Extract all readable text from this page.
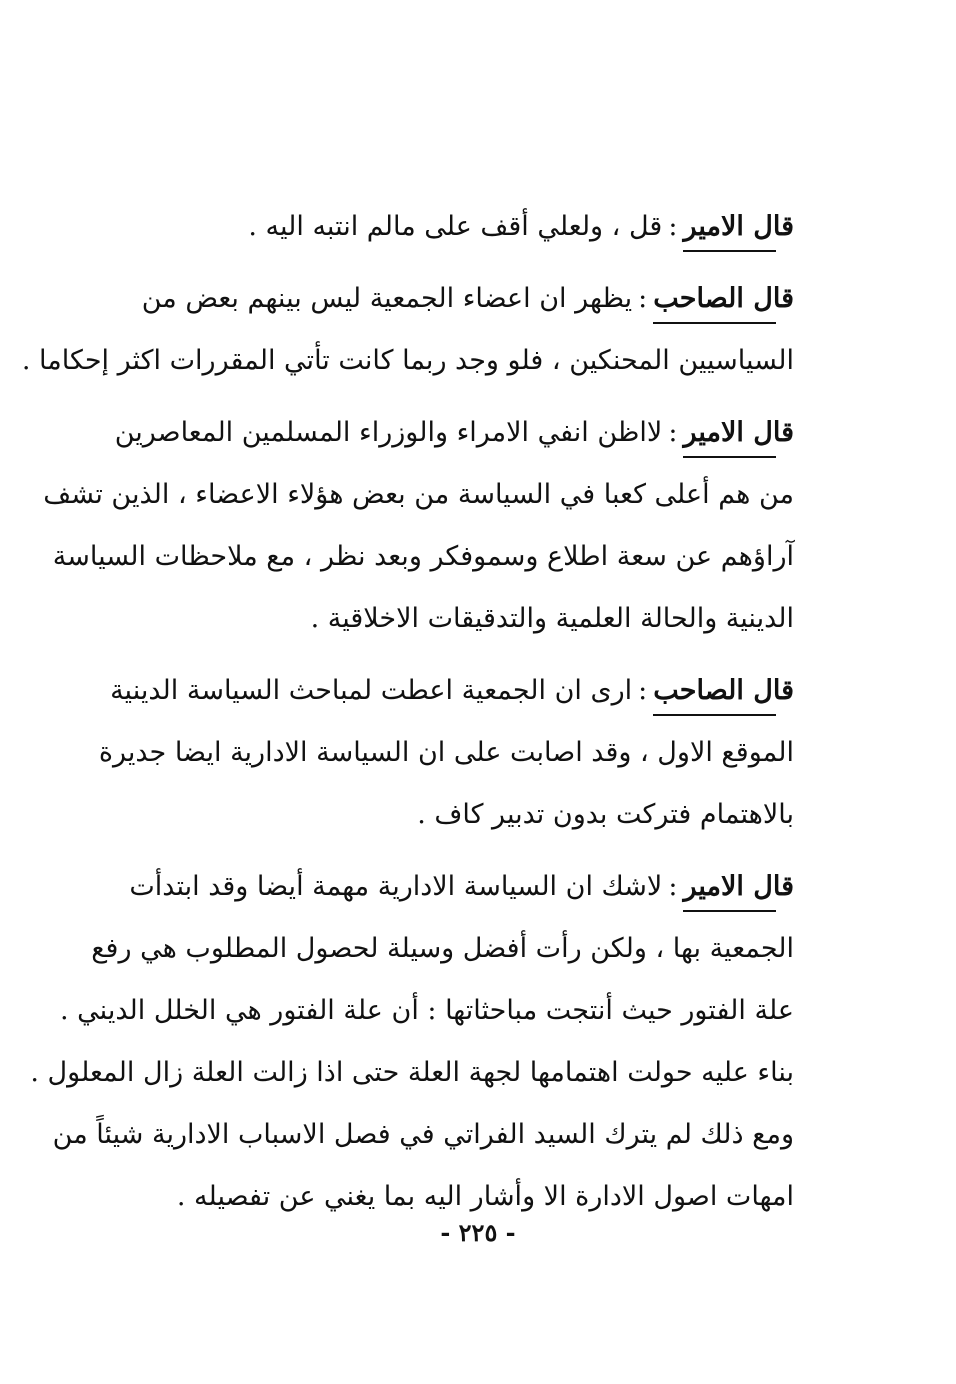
قال الامير:قل ، ولعلي أقف على مالم انتبه اليه .
قال الصاحب:يظهر ان اعضاء الجمعية ليس بينهم بعض من
السياسيين المحنكين ، فلو وجد ربما كانت تأتي المقررات اكثر إحكاما .
قال الامير:لااظن انفي الامراء والوزراء المسلمين المعاصرين
من هم أعلى كعبا في السياسة من بعض هؤلاء الاعضاء ، الذين تشف
آراؤهم عن سعة اطلاع وسموفكر وبعد نظر ، مع ملاحظات السياسة
الدينية والحالة العلمية والتدقيقات الاخلاقية .
قال الصاحب:ارى ان الجمعية اعطت لمباحث السياسة الدينية
الموقع الاول ، وقد اصابت على ان السياسة الادارية ايضا جديرة
بالاهتمام فتركت بدون تدبير كاف .
قال الامير:لاشك ان السياسة الادارية مهمة أيضا وقد ابتدأت
الجمعية بها ، ولكن رأت أفضل وسيلة لحصول المطلوب هي رفع
علة الفتور حيث أنتجت مباحثاتها : أن علة الفتور هي الخلل الديني .
بناء عليه حولت اهتمامها لجهة العلة حتى اذا زالت العلة زال المعلول .
ومع ذلك لم يترك السيد الفراتي في فصل الاسباب الادارية شيئاً من
امهات اصول الادارة الا وأشار اليه بما يغني عن تفصيله .
- ٢٢٥ -
